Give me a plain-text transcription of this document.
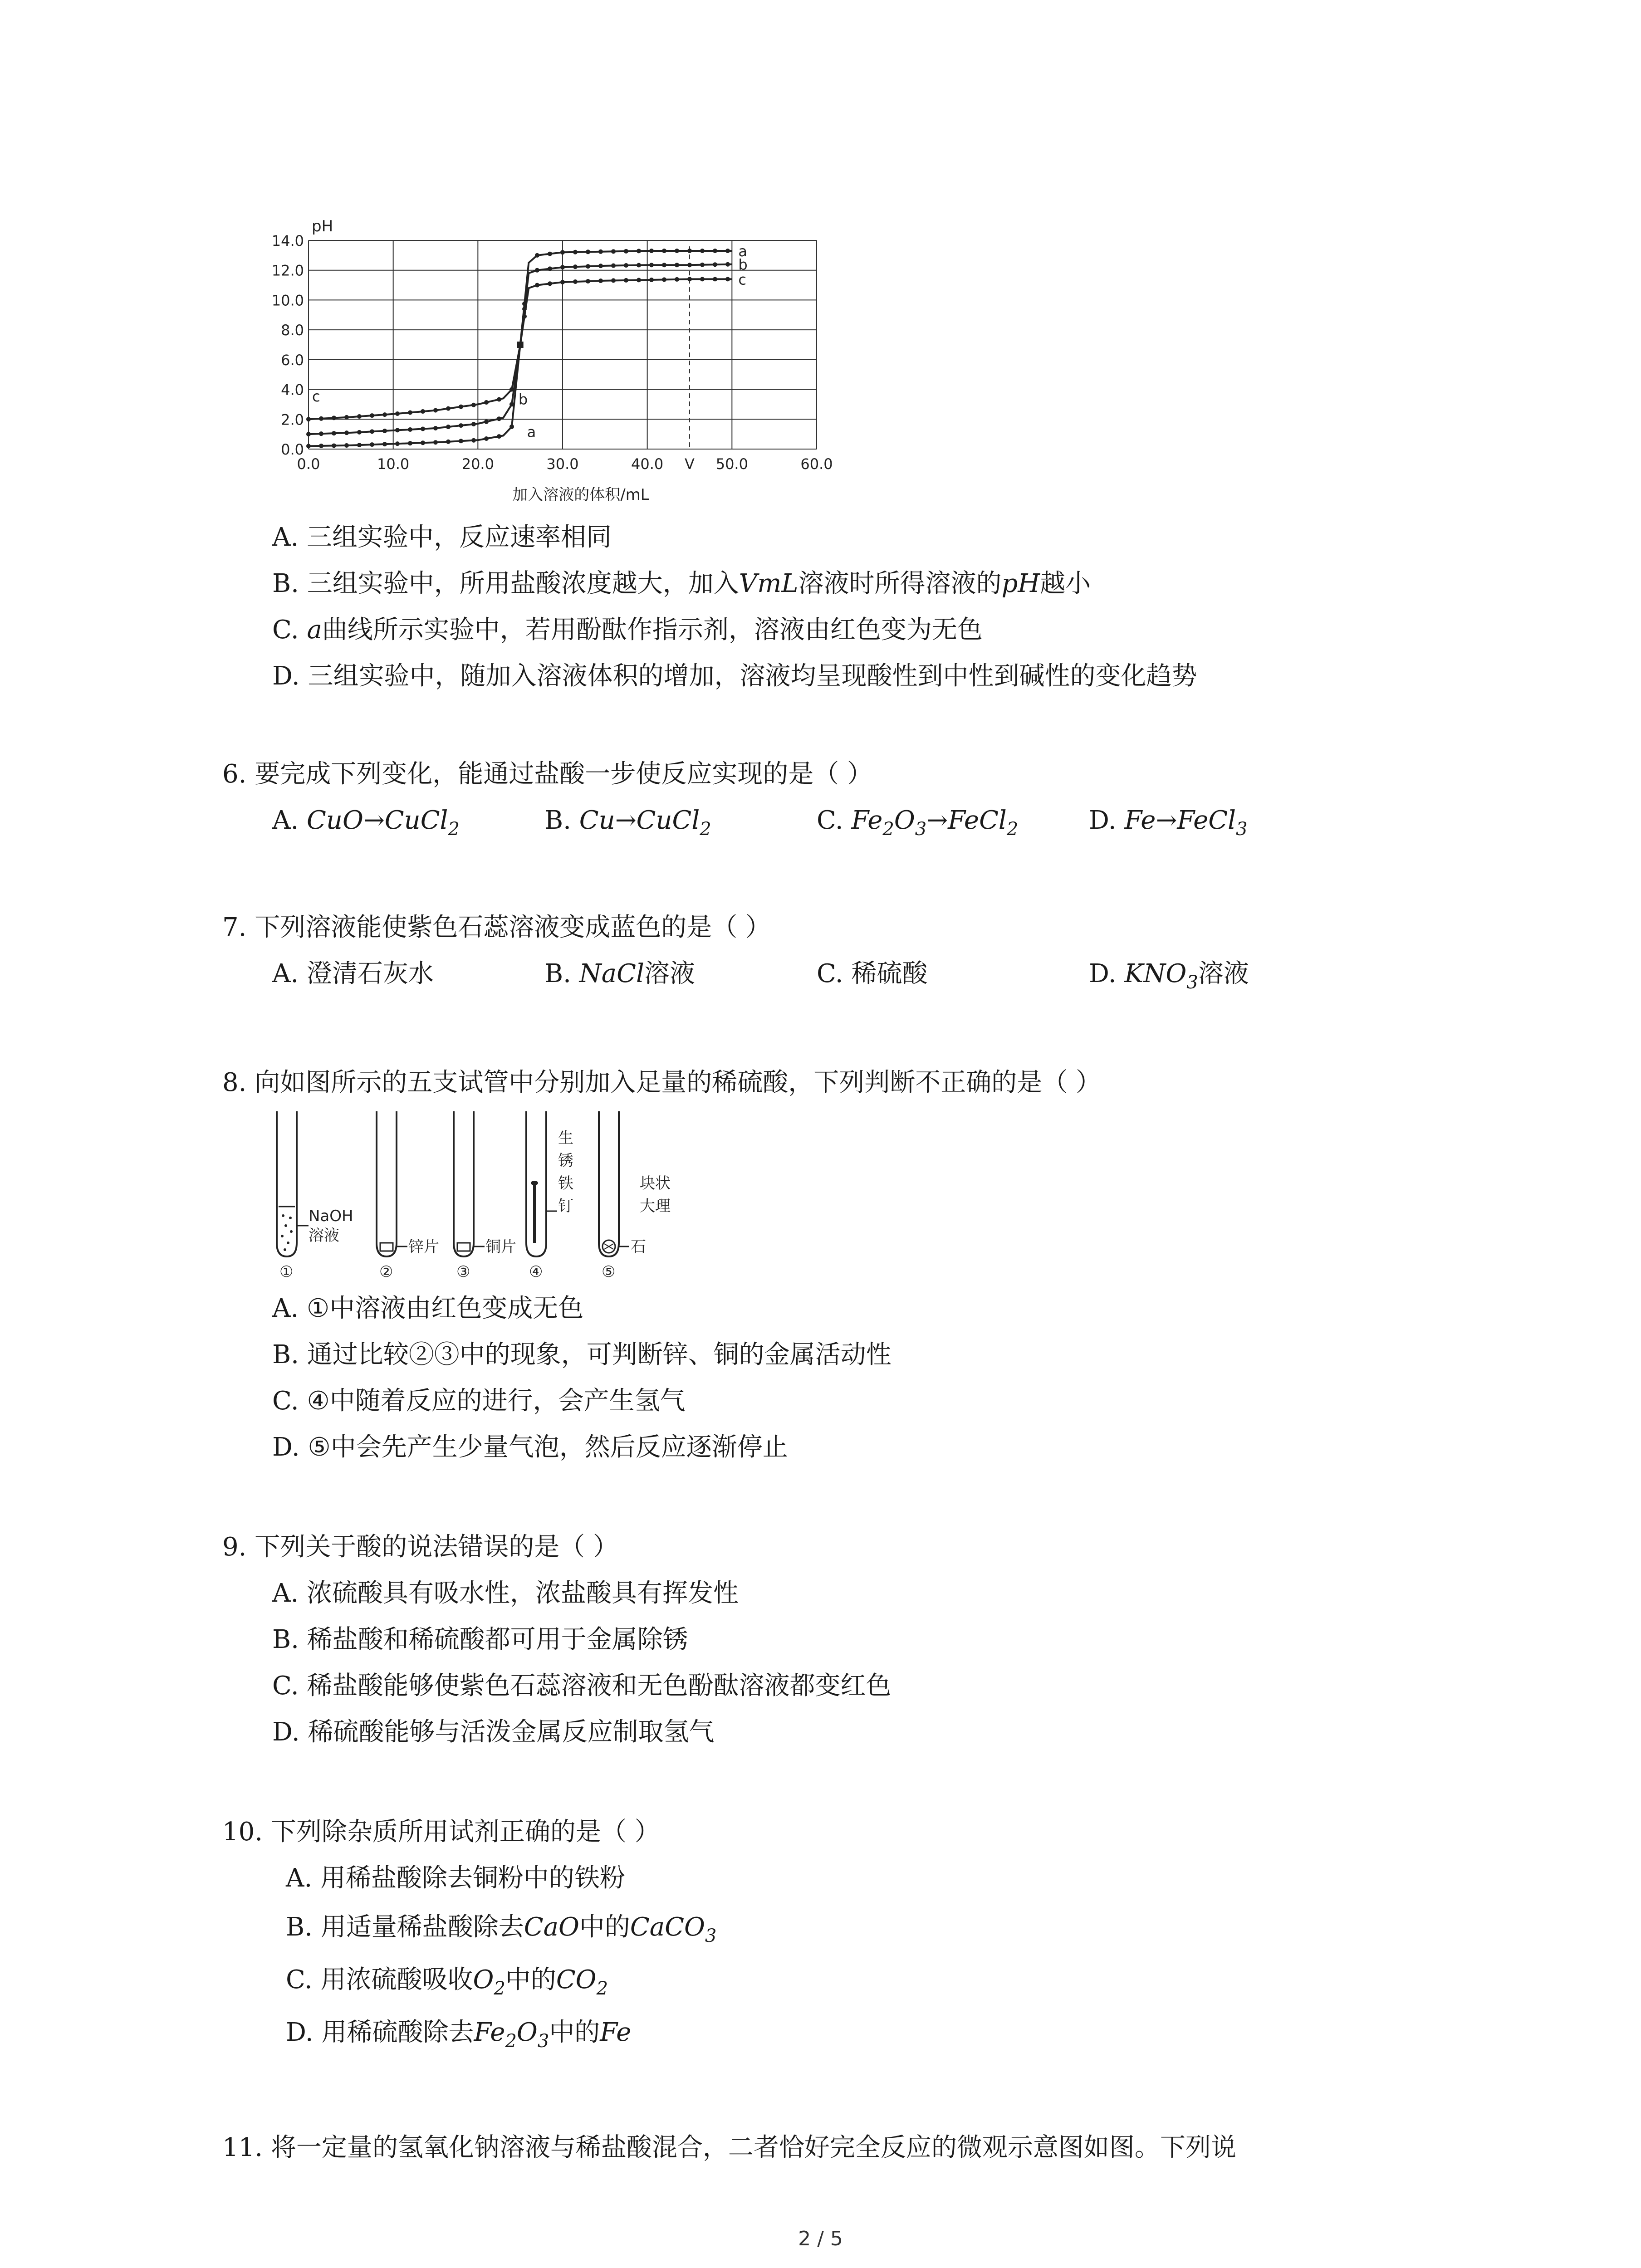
a
b
c
c	b
a
0.0
2.0
4.0
6.0
8.0
10.0
12.0
14.0
0.0	10.0	20.0	30.0	40.0 V 50.0	60.0
pH
加入溶液的体积/mL
A. 三组实验中，反应速率相同
B. 三组实验中，所用盐酸浓度越大，加入VmL溶液时所得溶液的pH越小
C. a曲线所示实验中，若用酚酞作指示剂，溶液由红色变为无色
D. 三组实验中，随加入溶液体积的增加，溶液均呈现酸性到中性到碱性的变化趋势
6. 要完成下列变化，能通过盐酸一步使反应实现的是（ ）
A. CuO→CuCl$_2$	B. Cu→CuCl$_2$	C. $Fe_2O_3\to FeCl_2$	D. Fe→FeCl$_3$
7. 下列溶液能使紫色石蕊溶液变成蓝色的是（ ）
A. 澄清石灰水	B. NaCl溶液	C. 稀硫酸	D. $KNO_3$溶液
8. 向如图所示的五支试管中分别加入足量的稀硫酸，下列判断不正确的是（ ）
NaOH
溶液
锌片	铜片
生
锈
铁
钉
块状
大理
石
①	②	③	④	⑤
A. ①中溶液由红色变成无色
B. 通过比较②③中的现象，可判断锌、铜的金属活动性
C. ④中随着反应的进行，会产生氢气
D. ⑤中会先产生少量气泡，然后反应逐渐停止
9. 下列关于酸的说法错误的是（ ）
A. 浓硫酸具有吸水性，浓盐酸具有挥发性
B. 稀盐酸和稀硫酸都可用于金属除锈
C. 稀盐酸能够使紫色石蕊溶液和无色酚酞溶液都变红色
D. 稀硫酸能够与活泼金属反应制取氢气
10. 下列除杂质所用试剂正确的是（ ）
A. 用稀盐酸除去铜粉中的铁粉
B. 用适量稀盐酸除去CaO中的CaCO$_3$
C. 用浓硫酸吸收$O_2$中的$CO_2$
D. 用稀硫酸除去$Fe_2O_3$中的Fe
11. 将一定量的氢氧化钠溶液与稀盐酸混合，二者恰好完全反应的微观示意图如图。下列说
2 / 5
